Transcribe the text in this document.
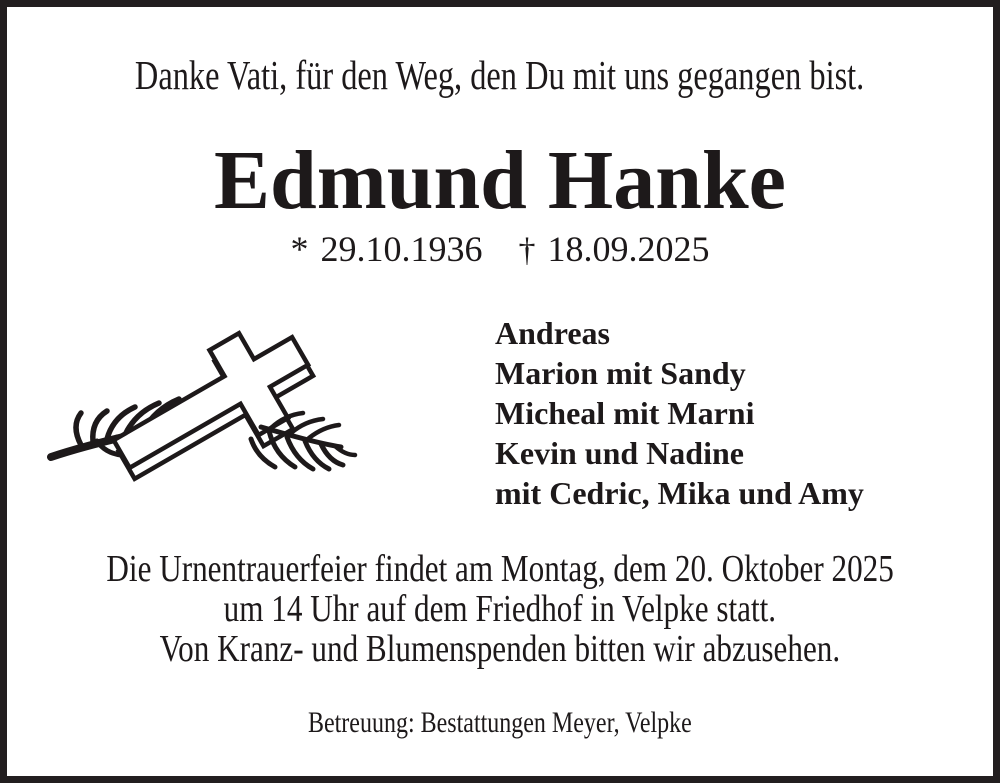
Danke Vati, für den Weg, den Du mit uns gegangen bist.
Edmund Hanke
* 29.10.1936 † 18.09.2025
Andreas
Marion mit Sandy
Micheal mit Marni
Kevin und Nadine
mit Cedric, Mika und Amy
Die Urnentrauerfeier findet am Montag, dem 20. Oktober 2025
um 14 Uhr auf dem Friedhof in Velpke statt.
Von Kranz- und Blumenspenden bitten wir abzusehen.
Betreuung: Bestattungen Meyer, Velpke
